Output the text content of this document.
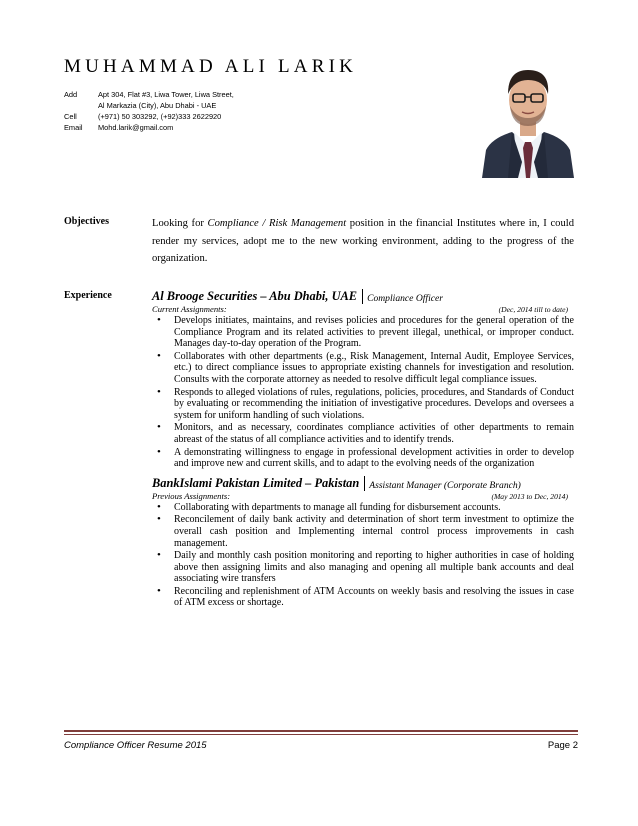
MUHAMMAD ALI LARIK
Add	Apt 304, Flat #3, Liwa Tower, Liwa Street,
Al Markazia (City), Abu Dhabi - UAE
Cell	(+971) 50 303292, (+92)333 2622920
Email	Mohd.larik@gmail.com
Objectives	Looking for Compliance / Risk Management position in the financial Institutes where in, I could render my services, adopt me to the new working environment, adding to the progress of the organization.
Experience	Al Brooge Securities – Abu Dhabi, UAE Compliance Officer
Current Assignments:	(Dec, 2014 till to date)
• Develops initiates, maintains, and revises policies and procedures for the general operation of the Compliance Program and its related activities to prevent illegal, unethical, or improper conduct. Manages day-to-day operation of the Program.
• Collaborates with other departments (e.g., Risk Management, Internal Audit, Employee Services, etc.) to direct compliance issues to appropriate existing channels for investigation and resolution. Consults with the corporate attorney as needed to resolve difficult legal compliance issues.
• Responds to alleged violations of rules, regulations, policies, procedures, and Standards of Conduct by evaluating or recommending the initiation of investigative procedures. Develops and oversees a system for uniform handling of such violations.
• Monitors, and as necessary, coordinates compliance activities of other departments to remain abreast of the status of all compliance activities and to identify trends.
• A demonstrating willingness to engage in professional development activities in order to develop and improve new and current skills, and to adapt to the evolving needs of the organization
BankIslami Pakistan Limited – Pakistan Assistant Manager (Corporate Branch)
Previous Assignments:	(May 2013 to Dec, 2014)
• Collaborating with departments to manage all funding for disbursement accounts.
• Reconcilement of daily bank activity and determination of short term investment to optimize the overall cash position and Implementing internal control process improvements in cash management.
• Daily and monthly cash position monitoring and reporting to higher authorities in case of holding above then assigning limits and also managing and opening all multiple bank accounts and deal associating wire transfers
• Reconciling and replenishment of ATM Accounts on weekly basis and resolving the issues in case of ATM excess or shortage.
Compliance Officer Resume 2015	Page 2
